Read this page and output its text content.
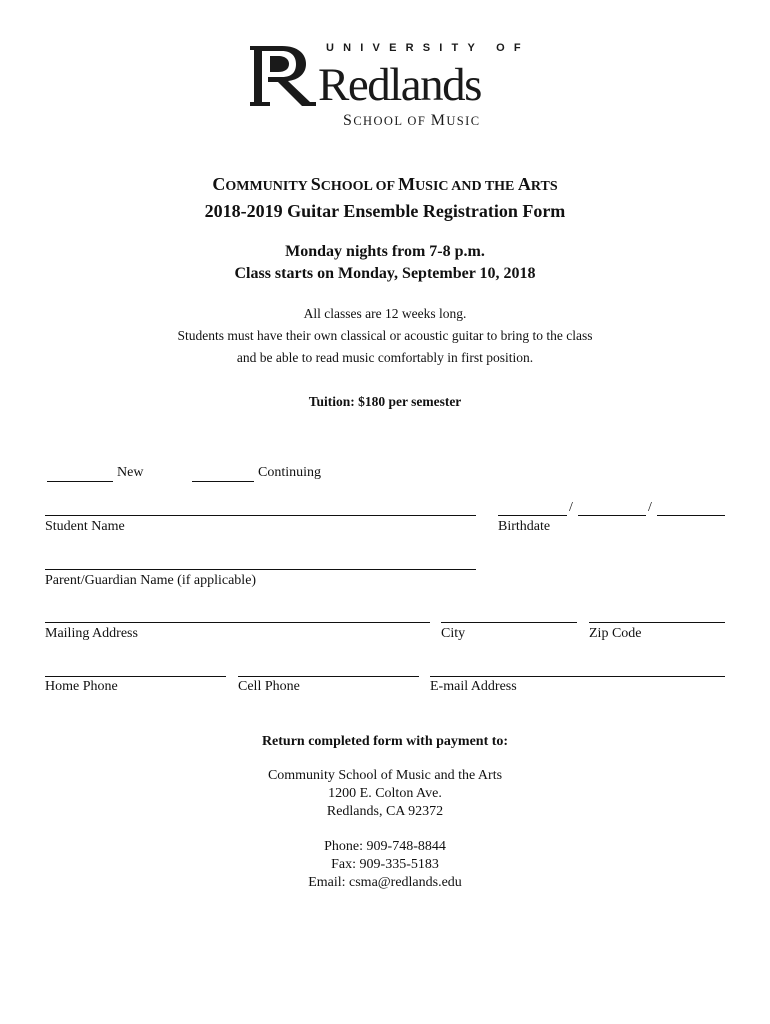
UNIVERSITY OF
Redlands
SCHOOL OF MUSIC
COMMUNITY SCHOOL OF MUSIC AND THE ARTS
2018-2019 Guitar Ensemble Registration Form
Monday nights from 7-8 p.m.
Class starts on Monday, September 10, 2018
All classes are 12 weeks long.
Students must have their own classical or acoustic guitar to bring to the class
and be able to read music comfortably in first position.
Tuition: $180 per semester
New	Continuing
Student Name
/	/
Birthdate
Parent/Guardian Name (if applicable)
Mailing Address	City	Zip Code
Home Phone	Cell Phone	E-mail Address
Return completed form with payment to:
Community School of Music and the Arts
1200 E. Colton Ave.
Redlands, CA 92372
Phone: 909-748-8844
Fax: 909-335-5183
Email: csma@redlands.edu
